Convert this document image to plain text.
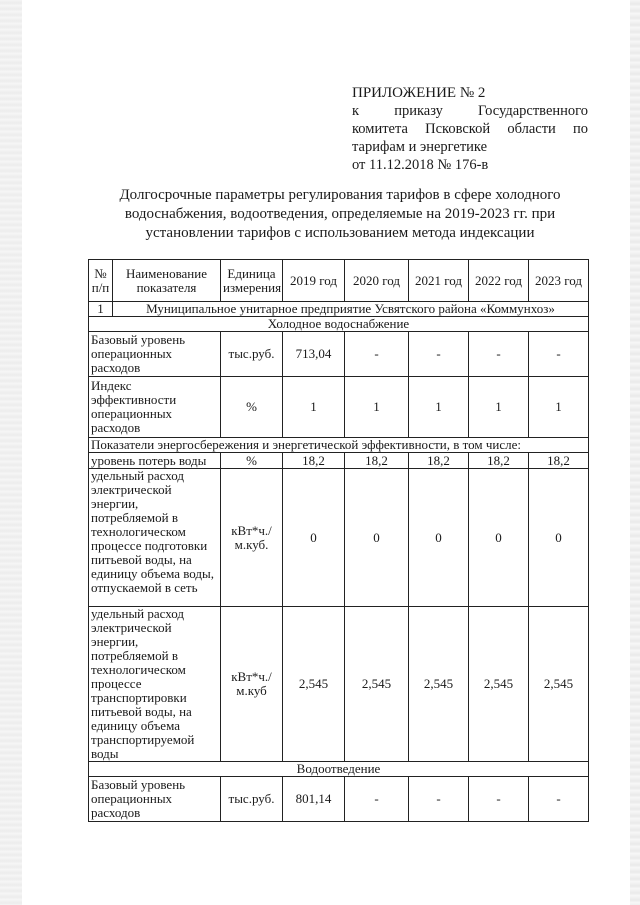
ПРИЛОЖЕНИЕ № 2
к приказу Государственного
комитета Псковской области по
тарифам и энергетике
от 11.12.2018 № 176-в
Долгосрочные параметры регулирования тарифов в сфере холодного водоснабжения, водоотведения, определяемые на 2019-2023 гг. при установлении тарифов с использованием метода индексации
№ п/п	Наименование показателя	Единица измерения	2019 год	2020 год	2021 год	2022 год	2023 год
1	Муниципальное унитарное предприятие Усвятского района «Коммунхоз»						
Холодное водоснабжение							
Базовый уровень операционных расходов		тыс.руб.	713,04	-	-	-	-
Индекс эффективности операционных расходов		%	1	1	1	1	1
Показатели энергосбережения и энергетической эффективности, в том числе:							
уровень потерь воды		%	18,2	18,2	18,2	18,2	18,2
удельный расход электрической энергии, потребляемой в технологическом процессе подготовки питьевой воды, на единицу объема воды, отпускаемой в сеть		кВт*ч./м.куб.	0	0	0	0	0
удельный расход электрической энергии, потребляемой в технологическом процессе транспортировки питьевой воды, на единицу объема транспортируемой воды		кВт*ч./м.куб	2,545	2,545	2,545	2,545	2,545
Водоотведение							
Базовый уровень операционных расходов		тыс.руб.	801,14	-	-	-	-
